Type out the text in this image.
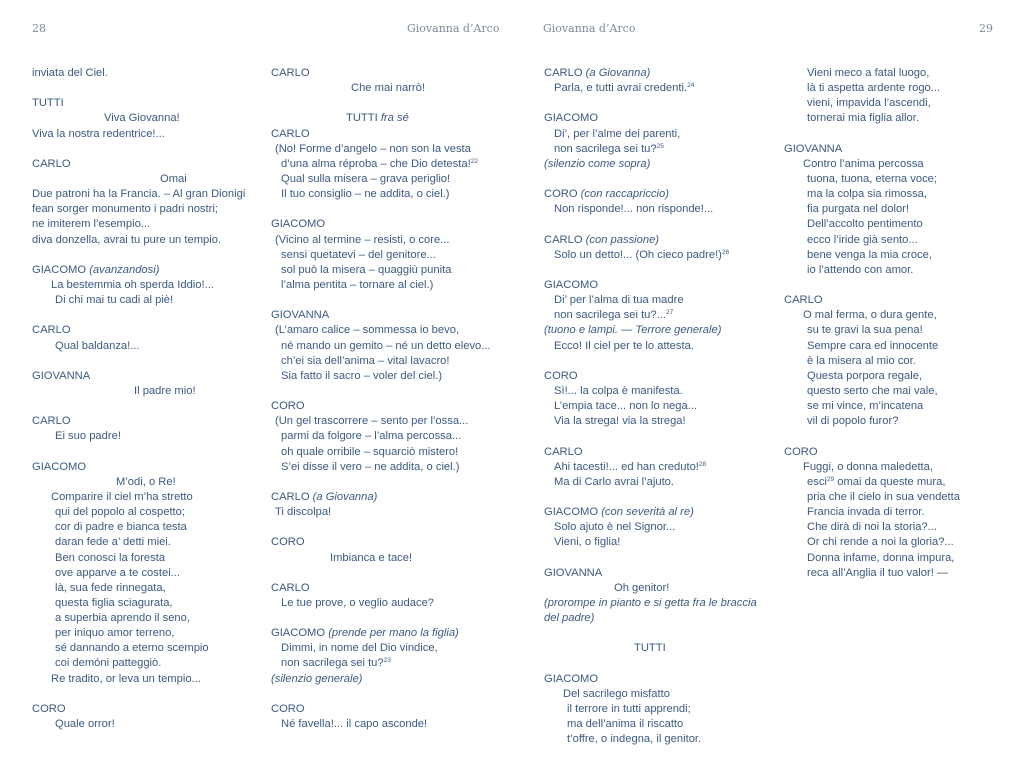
28	Giovanna d’Arco	Giovanna d’Arco	29
inviata del Ciel.
TUTTI
Viva Giovanna!
Viva la nostra redentrice!...
CARLO
Omai
Due patroni ha la Francia. – Al gran Dionigi
fean sorger monumento i padri nostri;
ne imiterem l’esempio...
diva donzella, avrai tu pure un tempio.
GIACOMO (avanzandosi)
La bestemmia oh sperda Iddio!...
Di chi mai tu cadi al piè!
CARLO
Qual baldanza!...
GIOVANNA
Il padre mio!
CARLO
Ei suo padre!
GIACOMO
M’odi, o Re!
Comparire il ciel m’ha stretto
qui del popolo al cospetto;
cor di padre e bianca testa
daran fede a’ detti miei.
Ben conosci la foresta
ove apparve a te costei...
là, sua fede rinnegata,
questa figlia sciagurata,
a superbia aprendo il seno,
per iniquo amor terreno,
sé dannando a eterno scempio
coi demóni patteggiò.
Re tradito, or leva un tempio...
CORO
Quale orror!
CARLO
Che mai narrò!
TUTTI fra sé
CARLO
(No! Forme d’angelo – non son la vesta
d’una alma réproba – che Dio detesta!$^{22}$
Qual sulla misera – grava periglio!
Il tuo consiglio – ne addita, o ciel.)
GIACOMO
(Vicino al termine – resisti, o core...
sensi quetatevi – del genitore...
sol può la misera – quaggiù punita
l’alma pentita – tornare al ciel.)
GIOVANNA
(L’amaro calice – sommessa io bevo,
né mando un gemito – né un detto elevo...
ch’ei sia dell’anima – vital lavacro!
Sia fatto il sacro – voler del ciel.)
CORO
(Un gel trascorrere – sento per l’ossa...
parmi da folgore – l’alma percossa...
oh quale orribile – squarciò mistero!
S’ei disse il vero – ne addita, o ciel.)
CARLO (a Giovanna)
Ti discolpa!
CORO
Imbianca e tace!
CARLO
Le tue prove, o veglio audace?
GIACOMO (prende per mano la figlia)
Dimmi, in nome del Dio vindice,
non sacrilega sei tu?$^{23}$
(silenzio generale)
CORO
Né favella!... il capo asconde!
CARLO (a Giovanna)
Parla, e tutti avrai credenti.$^{24}$
GIACOMO
Di’, per l’alme dei parenti,
non sacrilega sei tu?$^{25}$
(silenzio come sopra)
CORO (con raccapriccio)
Non risponde!... non risponde!...
CARLO (con passione)
Solo un detto!... (Oh cieco padre!)$^{26}$
GIACOMO
Di’ per l’alma di tua madre
non sacrilega sei tu?...$^{27}$
(tuono e lampi. — Terrore generale)
Ecco! Il ciel per te lo attesta.
CORO
Sì!... la colpa è manifesta.
L’empia tace... non lo nega...
Via la strega! via la strega!
CARLO
Ahi tacesti!... ed han creduto!$^{28}$
Ma di Carlo avrai l’ajuto.
GIACOMO (con severità al re)
Solo ajuto è nel Signor...
Vieni, o figlia!
GIOVANNA
Oh genitor!
(prorompe in pianto e si getta fra le braccia
del padre)
TUTTI
GIACOMO
Del sacrilego misfatto
il terrore in tutti apprendi;
ma dell’anima il riscatto
t’offre, o indegna, il genitor.
Vieni meco a fatal luogo,
là ti aspetta ardente rogo...
vieni, impavida l’ascendi,
tornerai mia figlia allor.
GIOVANNA
Contro l’anima percossa
tuona, tuona, eterna voce;
ma la colpa sia rimossa,
fia purgata nel dolor!
Dell’accolto pentimento
ecco l’iride già sento...
bene venga la mia croce,
io l’attendo con amor.
CARLO
O mal ferma, o dura gente,
su te gravi la sua pena!
Sempre cara ed innocente
è la misera al mio cor.
Questa porpora regale,
questo serto che mai vale,
se mi vince, m’incatena
vil di popolo furor?
CORO
Fuggi, o donna maledetta,
esci$^{29}$ omai da queste mura,
pria che il cielo in sua vendetta
Francia invada di terror.
Che dirà di noi la storia?...
Or chi rende a noi la gloria?...
Donna infame, donna impura,
reca all’Anglia il tuo valor! —
